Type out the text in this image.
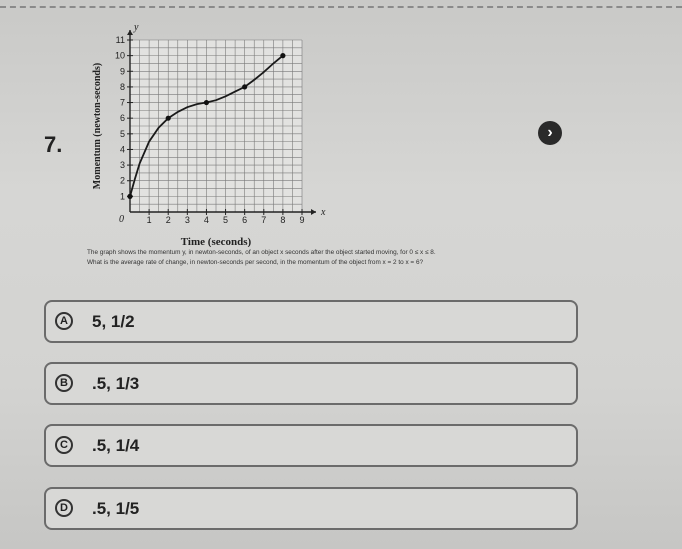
7.
1 2 3 4 5 6 7 8 9
1
2
3
4
5
6
7
8
9
10
11
0
x
y
Time (seconds)
Momentum (newton-seconds)	›
The graph shows the momentum y, in newton-seconds, of an object x seconds after the object started moving, for 0 ≤ x ≤ 8.
What is the average rate of change, in newton-seconds per second, in the momentum of the object from x = 2 to x = 6?
A 5, 1/2
B .5, 1/3
C .5, 1/4
D .5, 1/5
